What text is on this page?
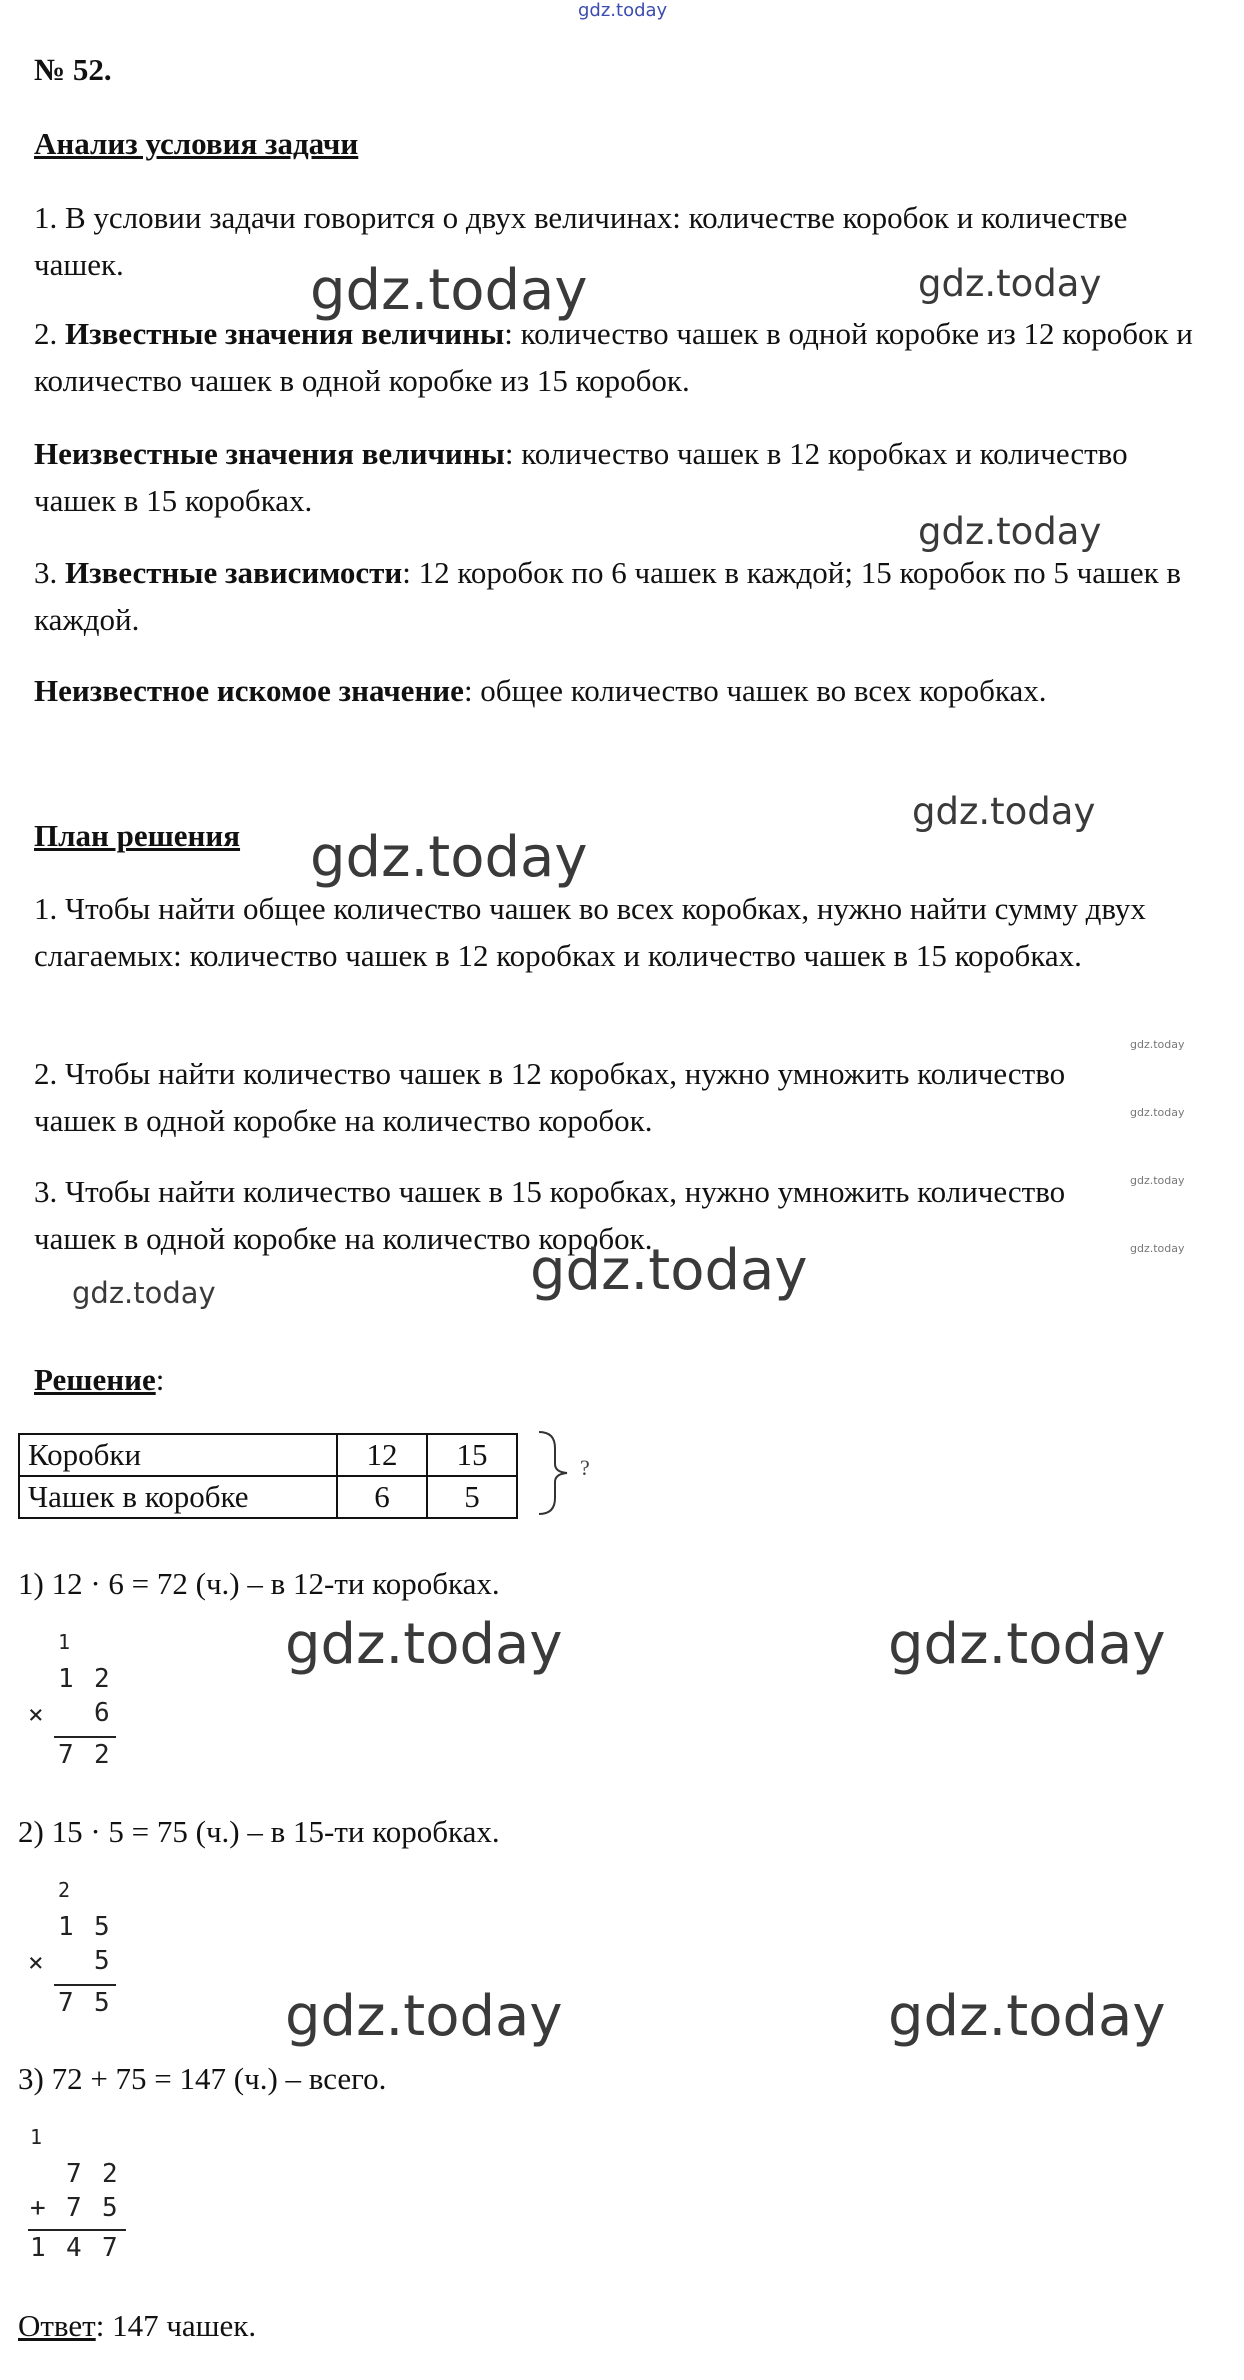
gdz.today
№ 52.
Анализ условия задачи
1. В условии задачи говорится о двух величинах: количестве коробок и количестве чашек.
2. Известные значения величины: количество чашек в одной коробке из 12 коробок и количество чашек в одной коробке из 15 коробок.
Неизвестные значения величины: количество чашек в 12 коробках и количество чашек в 15 коробках.
3. Известные зависимости: 12 коробок по 6 чашек в каждой; 15 коробок по 5 чашек в каждой.
Неизвестное искомое значение: общее количество чашек во всех коробках.
План решения
1. Чтобы найти общее количество чашек во всех коробках, нужно найти сумму двух слагаемых: количество чашек в 12 коробках и количество чашек в 15 коробках.
2. Чтобы найти количество чашек в 12 коробках, нужно умножить количество чашек в одной коробке на количество коробок.
3. Чтобы найти количество чашек в 15 коробках, нужно умножить количество чашек в одной коробке на количество коробок.
Решение:
Коробки	12	15
Чашек в коробке	6	5
?
1) 12 · 6 = 72 (ч.) – в 12-ти коробках.
1
1 2
× 6
7 2
2) 15 · 5 = 75 (ч.) – в 15-ти коробках.
2
1 5
× 5
7 5
3) 72 + 75 = 147 (ч.) – всего.
1
7 2
+ 7 5
1 4 7
Ответ: 147 чашек.
gdz.today	gdz.today
gdz.today
gdz.today
gdz.today
gdz.today
gdz.today
gdz.today	gdz.today
gdz.today	gdz.today
gdz.today
gdz.today
gdz.today
gdz.today
